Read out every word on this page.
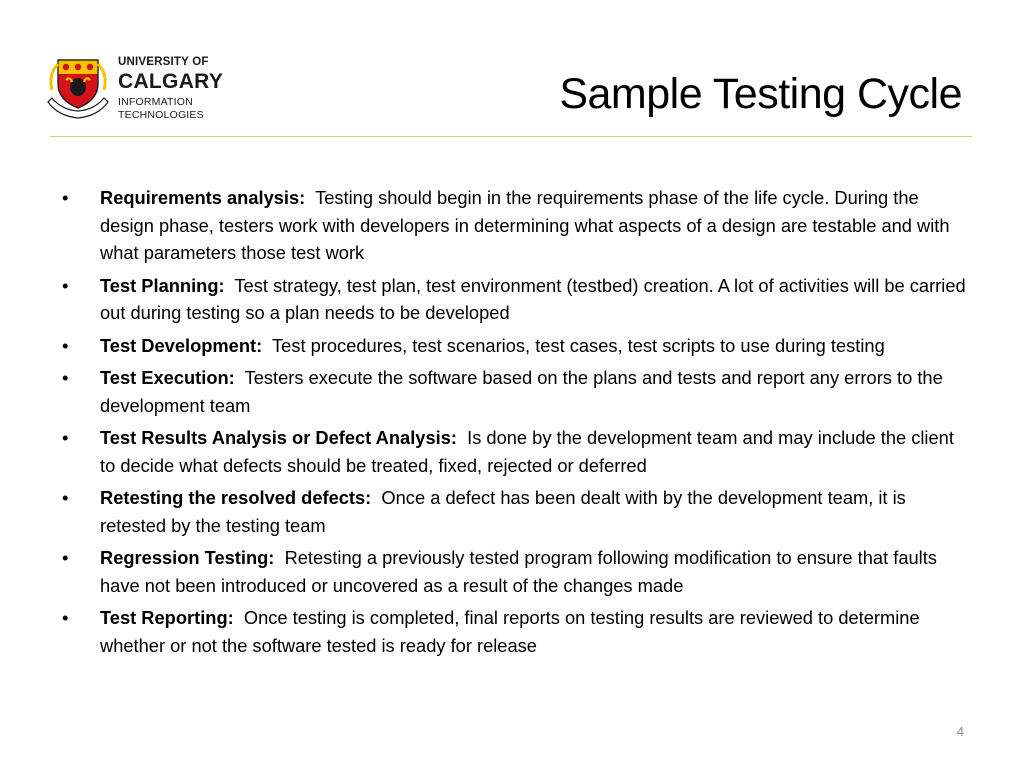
UNIVERSITY OF
CALGARY
INFORMATION
TECHNOLOGIES	Sample Testing Cycle
• Requirements analysis: Testing should begin in the requirements phase of the life cycle. During the design phase, testers work with developers in determining what aspects of a design are testable and with what parameters those test work
• Test Planning: Test strategy, test plan, test environment (testbed) creation. A lot of activities will be carried out during testing so a plan needs to be developed
• Test Development: Test procedures, test scenarios, test cases, test scripts to use during testing
• Test Execution: Testers execute the software based on the plans and tests and report any errors to the development team
• Test Results Analysis or Defect Analysis: Is done by the development team and may include the client to decide what defects should be treated, fixed, rejected or deferred
• Retesting the resolved defects: Once a defect has been dealt with by the development team, it is retested by the testing team
• Regression Testing: Retesting a previously tested program following modification to ensure that faults have not been introduced or uncovered as a result of the changes made
• Test Reporting: Once testing is completed, final reports on testing results are reviewed to determine whether or not the software tested is ready for release
4
